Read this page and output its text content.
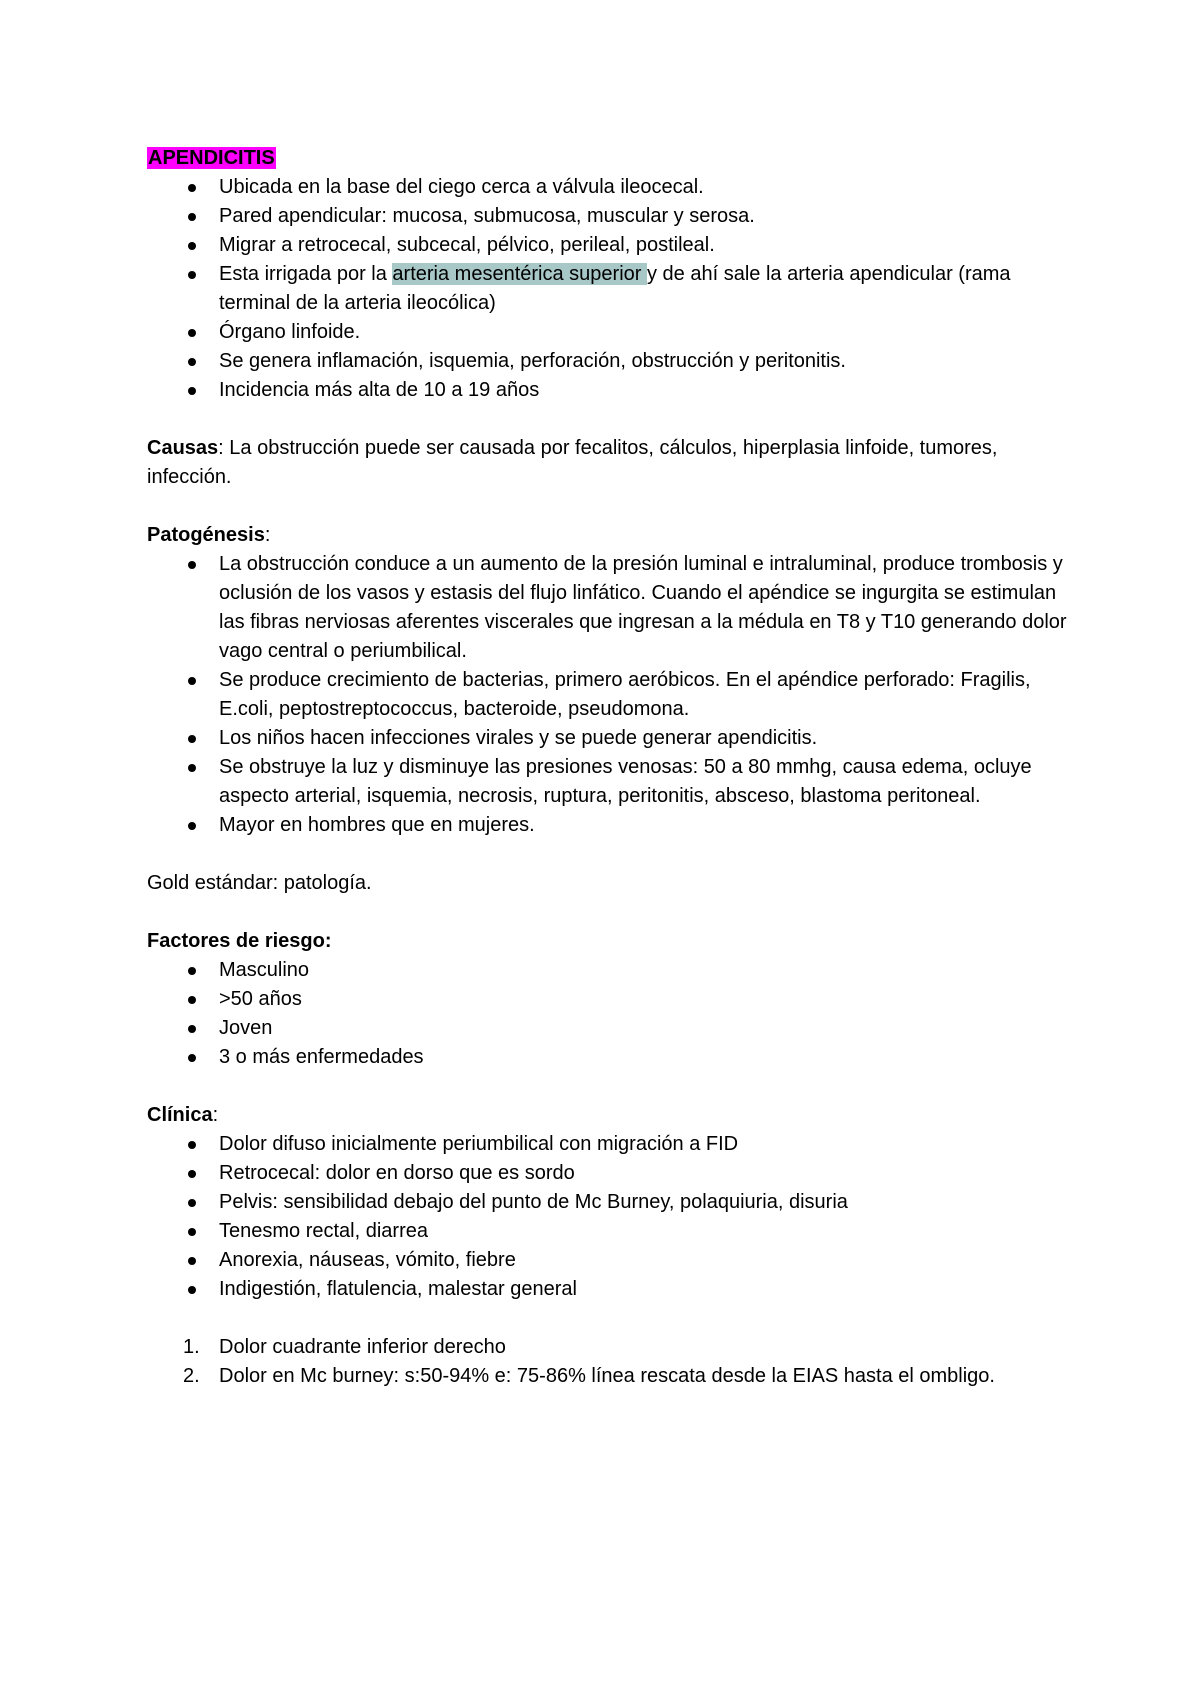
APENDICITIS

Ubicada en la base del ciego cerca a válvula ileocecal.
Pared apendicular: mucosa, submucosa, muscular y serosa.
Migrar a retrocecal, subcecal, pélvico, perileal, postileal.
Esta irrigada por la arteria mesentérica superior y de ahí sale la arteria apendicular (rama terminal de la arteria ileocólica)
Órgano linfoide.
Se genera inflamación, isquemia, perforación, obstrucción y peritonitis.
Incidencia más alta de 10 a 19 años

Causas: La obstrucción puede ser causada por fecalitos, cálculos, hiperplasia linfoide, tumores, infección.

Patogénesis:

La obstrucción conduce a un aumento de la presión luminal e intraluminal, produce trombosis y oclusión de los vasos y estasis del flujo linfático. Cuando el apéndice se ingurgita se estimulan las fibras nerviosas aferentes viscerales que ingresan a la médula en T8 y T10 generando dolor vago central o periumbilical.
Se produce crecimiento de bacterias, primero aeróbicos. En el apéndice perforado: Fragilis, E.coli, peptostreptococcus, bacteroide, pseudomona.
Los niños hacen infecciones virales y se puede generar apendicitis.
Se obstruye la luz y disminuye las presiones venosas: 50 a 80 mmhg, causa edema, ocluye aspecto arterial, isquemia, necrosis, ruptura, peritonitis, absceso, blastoma peritoneal.
Mayor en hombres que en mujeres.

Gold estándar: patología.

Factores de riesgo:

Masculino
>50 años
Joven
3 o más enfermedades

Clínica:

Dolor difuso inicialmente periumbilical con migración a FID
Retrocecal: dolor en dorso que es sordo
Pelvis: sensibilidad debajo del punto de Mc Burney, polaquiuria, disuria
Tenesmo rectal, diarrea
Anorexia, náuseas, vómito, fiebre
Indigestión, flatulencia, malestar general
1. Dolor cuadrante inferior derecho
2. Dolor en Mc burney: s:50-94% e: 75-86% línea rescata desde la EIAS hasta el ombligo.
